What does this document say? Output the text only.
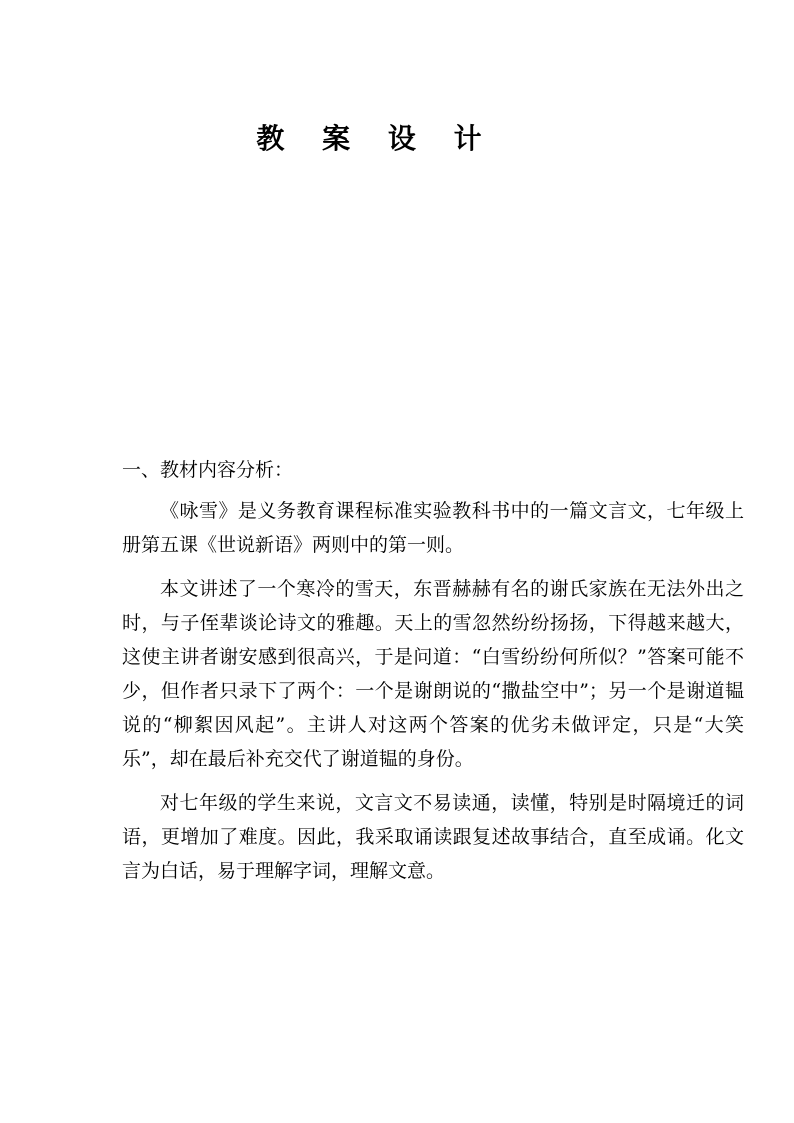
教 案 设 计
一、教材内容分析：

《咏雪》是义务教育课程标准实验教科书中的一篇文言文，七年级上册第五课《世说新语》两则中的第一则。

本文讲述了一个寒冷的雪天，东晋赫赫有名的谢氏家族在无法外出之时，与子侄辈谈论诗文的雅趣。天上的雪忽然纷纷扬扬，下得越来越大，这使主讲者谢安感到很高兴，于是问道：“白雪纷纷何所似？”答案可能不少，但作者只录下了两个：一个是谢朗说的“撒盐空中”；另一个是谢道韫说的“柳絮因风起”。主讲人对这两个答案的优劣未做评定，只是“大笑乐”，却在最后补充交代了谢道韫的身份。

对七年级的学生来说，文言文不易读通，读懂，特别是时隔境迁的词语，更增加了难度。因此，我采取诵读跟复述故事结合，直至成诵。化文言为白话，易于理解字词，理解文意。
